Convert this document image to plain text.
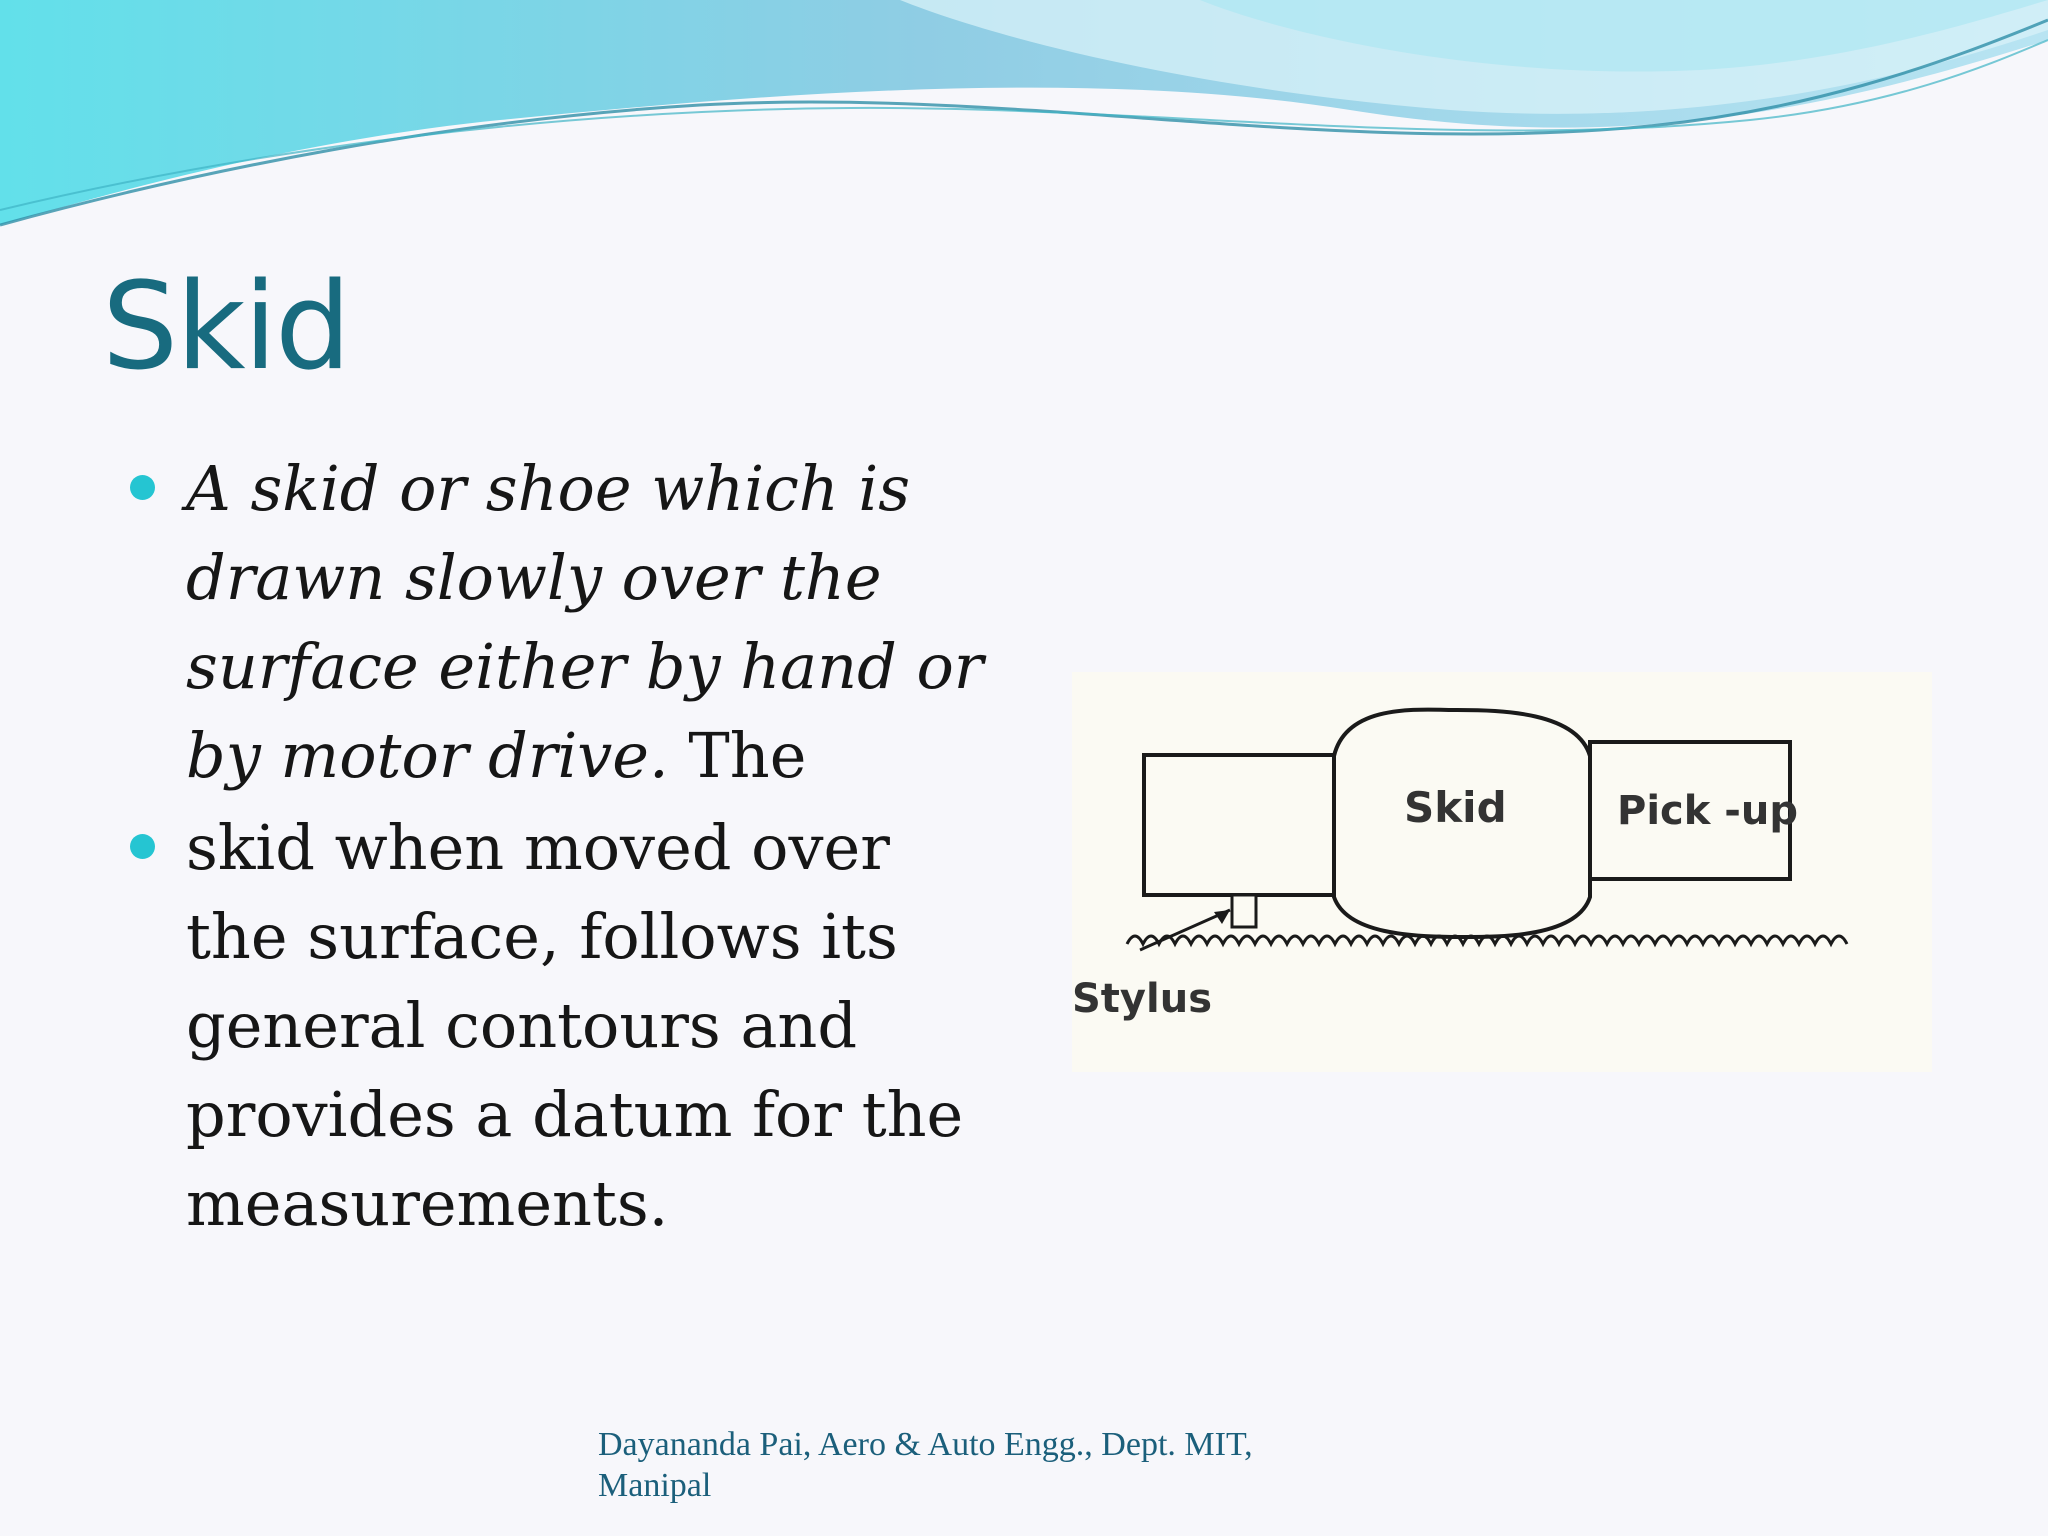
Skid
A skid or shoe which is drawn slowly over the surface either by hand or by motor drive. The
skid when moved over the surface, follows its general contours and provides a datum for the measurements.
Skid	Pick -up
Stylus
Dayananda Pai, Aero & Auto Engg., Dept. MIT,
Manipal
